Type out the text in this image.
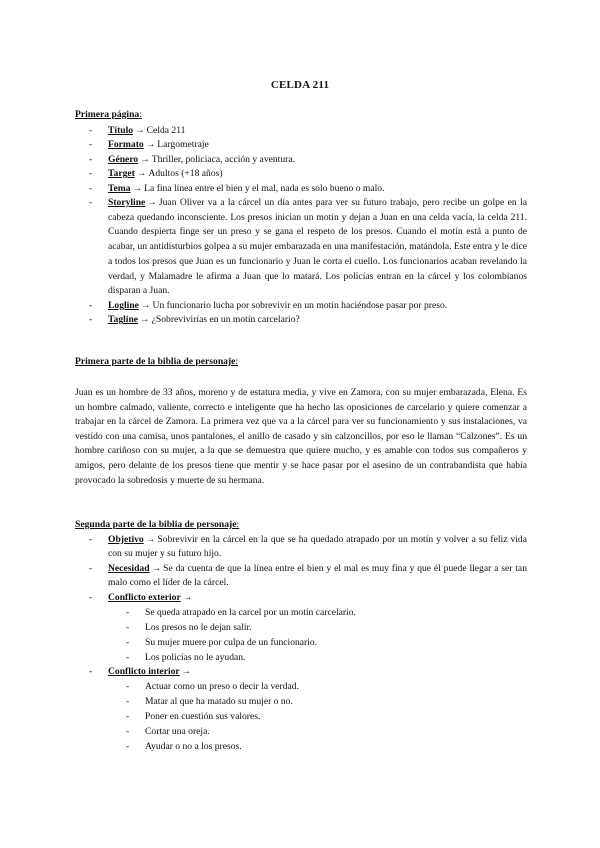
CELDA 211
Primera página:
- Título → Celda 211
- Formato → Largometraje
- Género → Thriller, policiaca, acción y aventura.
- Target → Adultos (+18 años)
- Tema → La fina línea entre el bien y el mal, nada es solo bueno o malo.
- Storyline → Juan Oliver va a la cárcel un día antes para ver su futuro trabajo, pero recibe un golpe en la cabeza quedando inconsciente. Los presos inician un motín y dejan a Juan en una celda vacía, la celda 211. Cuando despierta finge ser un preso y se gana el respeto de los presos. Cuando el motín está a punto de acabar, un antidisturbios golpea a su mujer embarazada en una manifestación, matándola. Este entra y le dice a todos los presos que Juan es un funcionario y Juan le corta el cuello. Los funcionarios acaban revelando la verdad, y Malamadre le afirma a Juan que lo matará. Los policías entran en la cárcel y los colombianos disparan a Juan.
- Logline → Un funcionario lucha por sobrevivir en un motín haciéndose pasar por preso.
- Tagline → ¿Sobrevivirías en un motín carcelario?
Primera parte de la biblia de personaje:
Juan es un hombre de 33 años, moreno y de estatura media, y vive en Zamora, con su mujer embarazada, Elena. Es un hombre calmado, valiente, correcto e inteligente que ha hecho las oposiciones de carcelario y quiere comenzar a trabajar en la cárcel de Zamora. La primera vez que va a la cárcel para ver su funcionamiento y sus instalaciones, va vestido con una camisa, unos pantalones, el anillo de casado y sin calzoncillos, por eso le llaman “Calzones”. Es un hombre cariñoso con su mujer, a la que se demuestra que quiere mucho, y es amable con todos sus compañeros y amigos, pero delante de los presos tiene que mentir y se hace pasar por el asesino de un contrabandista que había provocado la sobredosis y muerte de su hermana.
Segunda parte de la biblia de personaje:
- Objetivo → Sobrevivir en la cárcel en la que se ha quedado atrapado por un motín y volver a su feliz vida con su mujer y su futuro hijo.
- Necesidad → Se da cuenta de que la línea entre el bien y el mal es muy fina y que él puede llegar a ser tan malo como el líder de la cárcel.
- Conflicto exterior →
- Se queda atrapado en la carcel por un motín carcelario.
- Los presos no le dejan salir.
- Su mujer muere por culpa de un funcionario.
- Los policías no le ayudan.
- Conflicto interior →
- Actuar como un preso o decir la verdad.
- Matar al que ha matado su mujer o no.
- Poner en cuestión sus valores.
- Cortar una oreja.
- Ayudar o no a los presos.
